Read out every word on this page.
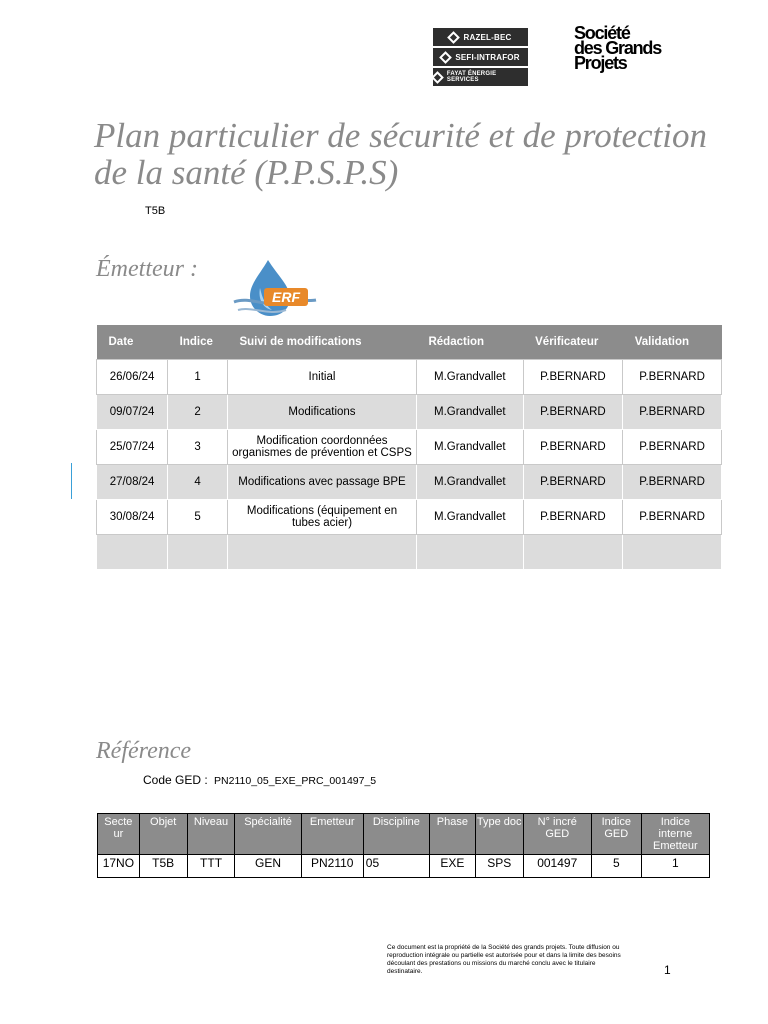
RAZEL-BEC
SEFI-INTRAFOR
FAYAT ÉNERGIE SERVICES
Société
des Grands
Projets
Plan particulier de sécurité et de protection de la santé (P.P.S.P.S)
T5B
Émetteur :
ERF
Date	Indice	Suivi de modifications	Rédaction	Vérificateur	Validation
26/06/24	1	Initial	M.Grandvallet	P.BERNARD	P.BERNARD
09/07/24	2	Modifications	M.Grandvallet	P.BERNARD	P.BERNARD
25/07/24	3	Modification coordonnées organismes de prévention et CSPS	M.Grandvallet	P.BERNARD	P.BERNARD
27/08/24	4	Modifications avec passage BPE	M.Grandvallet	P.BERNARD	P.BERNARD
30/08/24	5	Modifications (équipement en tubes acier)	M.Grandvallet	P.BERNARD	P.BERNARD

Référence
Code GED : PN2110_05_EXE_PRC_001497_5
Secte ur	Objet	Niveau	Spécialité	Emetteur	Discipline	Phase	Type doc	N° incré GED	Indice GED	Indice interne Emetteur
17NO	T5B	TTT	GEN	PN2110	05	EXE	SPS	001497	5	1
Ce document est la propriété de la Société des grands projets. Toute diffusion ou reproduction intégrale ou partielle est autorisée pour et dans la limite des besoins découlant des prestations ou missions du marché conclu avec le titulaire destinataire.	1
